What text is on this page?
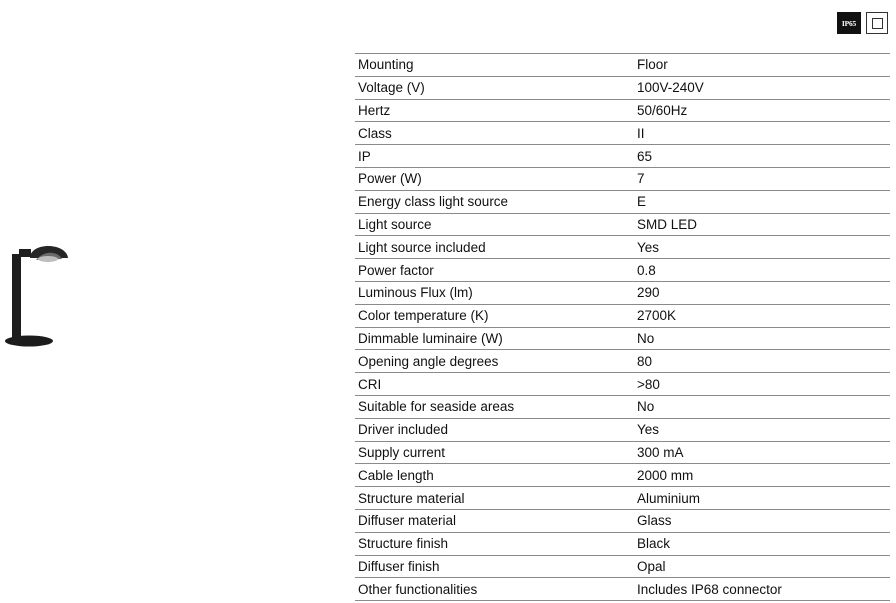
IP65
Mounting	Floor
Voltage (V)	100V-240V
Hertz	50/60Hz
Class	II
IP	65
Power (W)	7
Energy class light source	E
Light source	SMD LED
Light source included	Yes
Power factor	0.8
Luminous Flux (lm)	290
Color temperature (K)	2700K
Dimmable luminaire (W)	No
Opening angle degrees	80
CRI	>80
Suitable for seaside areas	No
Driver included	Yes
Supply current	300 mA
Cable length	2000 mm
Structure material	Aluminium
Diffuser material	Glass
Structure finish	Black
Diffuser finish	Opal
Other functionalities	Includes IP68 connector
